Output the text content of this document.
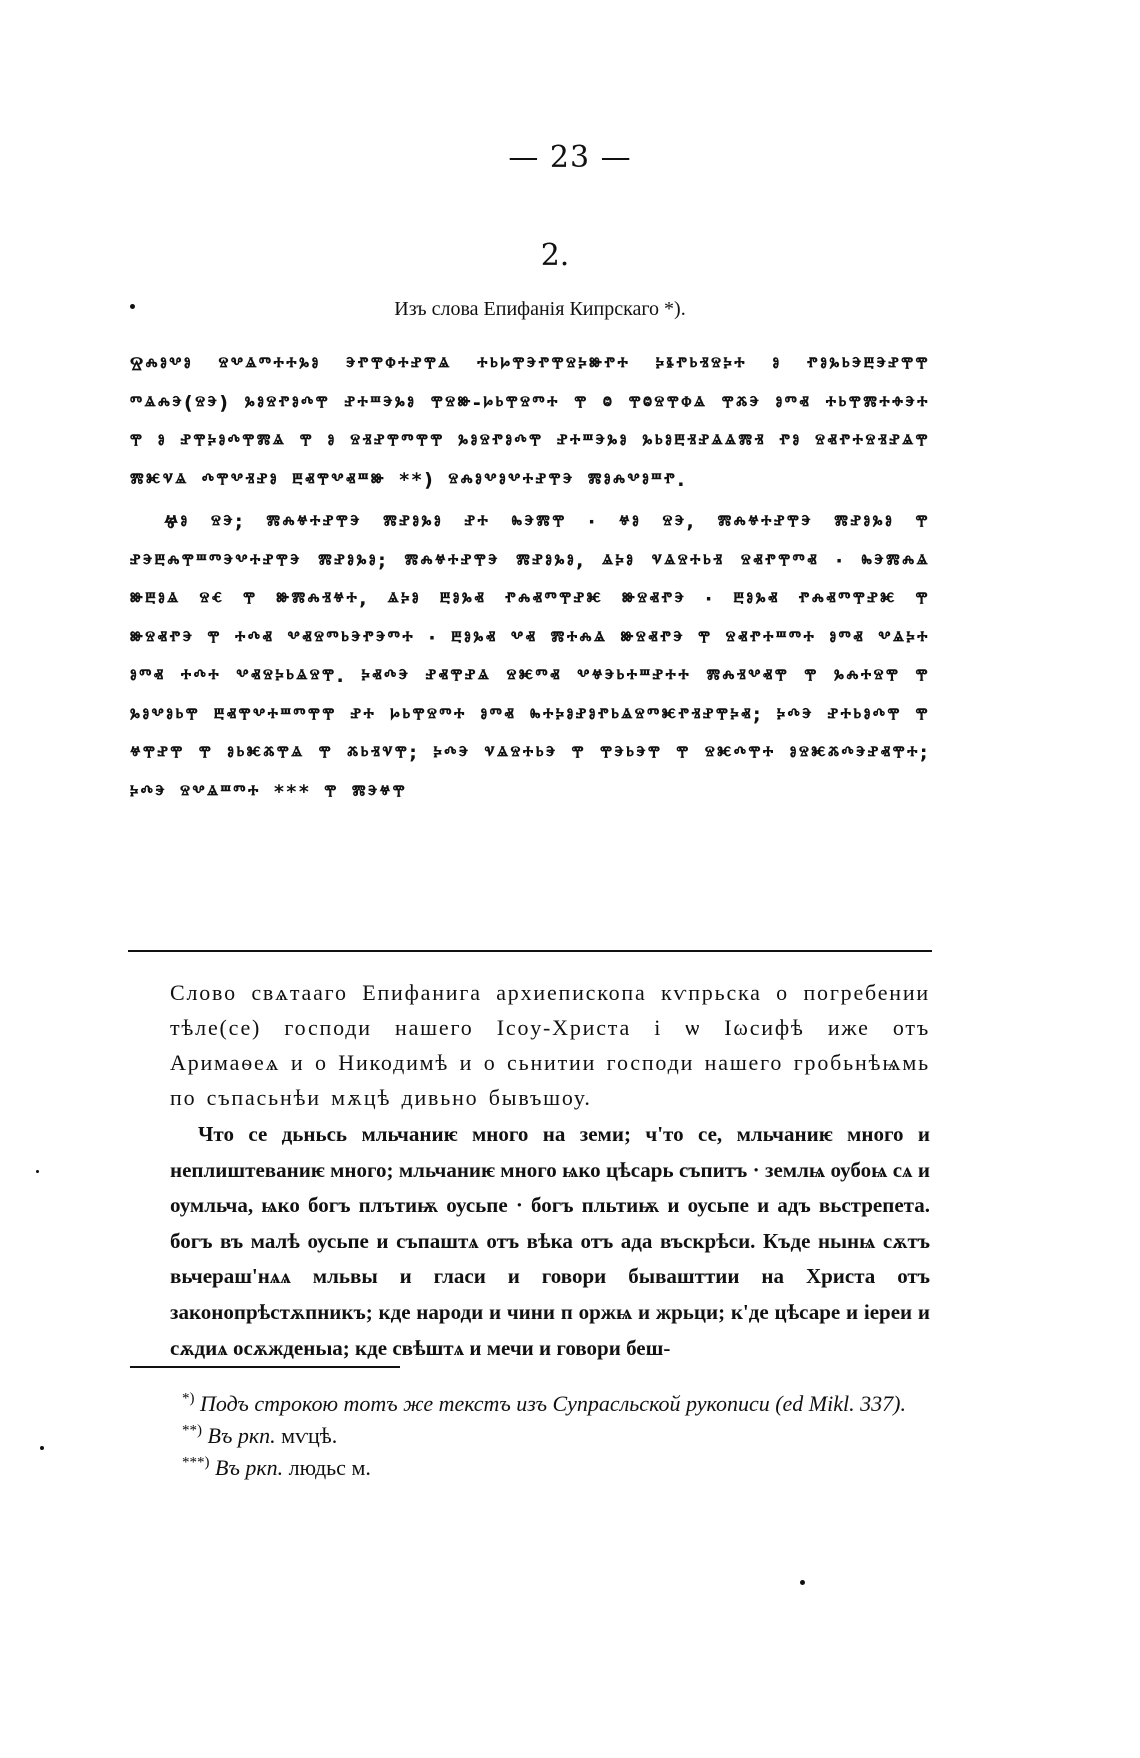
— 23 —
2.
Изъ слова Епифанія Кипрскаго *).

Ⱄⰾⱁⰲⱁ ⱄⰲⱑⱅⰰⰰⰳⱁ ⰵⱂⰹⱇⰰⱀⰹⱑ ⰰⱃⱈⰹⰵⱂⰹⱄⰽⱆⱂⰰ ⰽⱛⱂⱃⱐⱄⰽⰰ ⱁ ⱂⱁⰳⱃⰵⰱⰵⱀⰹⰹ ⱅⱑⰾⰵ(ⱄⰵ) ⰳⱁⱄⱂⱁⰴⰹ ⱀⰰⱎⰵⰳⱁ ⰹⱄⱆ-ⱈⱃⰹⱄⱅⰰ ⰹ ⱉ ⰹⱉⱄⰹⱇⱑ ⰹⰶⰵ ⱁⱅⱏ ⰰⱃⰹⰿⰰⱚⰵⰰ ⰹ ⱁ ⱀⰹⰽⱁⰴⰹⰿⱑ ⰹ ⱁ ⱄⱐⱀⰹⱅⰹⰹ ⰳⱁⱄⱂⱁⰴⰹ ⱀⰰⱎⰵⰳⱁ ⰳⱃⱁⰱⱐⱀⱑⱑⰿⱐ ⱂⱁ ⱄⱏⱂⰰⱄⱐⱀⱑⰹ ⰿⱘⱌⱑ ⰴⰹⰲⱐⱀⱁ ⰱⱏⰹⰲⱏⱎⱆ **) ⱄⰾⱁⰲⱁⰲⰰⱀⰹⰵ ⰿⱁⰾⰲⱁⱎⱂ.

Ⱍⱁ ⱄⰵ; ⰿⰾⱍⰰⱀⰹⰵ ⰿⱀⱁⰳⱁ ⱀⰰ ⰸⰵⰿⰹ · ⱍⱁ ⱄⰵ, ⰿⰾⱍⰰⱀⰹⰵ ⰿⱀⱁⰳⱁ ⰹ ⱀⰵⰱⰾⰹⱎⱅⰵⰲⰰⱀⰹⰵ ⰿⱀⱁⰳⱁ; ⰿⰾⱍⰰⱀⰹⰵ ⰿⱀⱁⰳⱁ, ⱑⰽⱁ ⱌⱑⱄⰰⱃⱐ ⱄⱏⱂⰹⱅⱏ · ⰸⰵⰿⰾⱑ ⱆⰱⱁⱑ ⱄⱔ ⰹ ⱆⰿⰾⱐⱍⰰ, ⱑⰽⱁ ⰱⱁⰳⱏ ⱂⰾⱏⱅⰹⱀⱘ ⱆⱄⱏⱂⰵ · ⰱⱁⰳⱏ ⱂⰾⱏⱅⰹⱀⱘ ⰹ ⱆⱄⱏⱂⰵ ⰹ ⰰⰴⱏ ⰲⱏⱄⱅⱃⰵⱂⰵⱅⰰ · ⰱⱁⰳⱏ ⰲⱏ ⰿⰰⰾⱑ ⱆⱄⱏⱂⰵ ⰹ ⱄⱏⱂⰰⱎⱅⰰ ⱁⱅⱏ ⰲⱑⰽⰰ ⱁⱅⱏ ⰰⰴⰰ ⰲⱏⱄⰽⱃⱑⱄⰹ. ⰽⱏⰴⰵ ⱀⱏⰹⱀⱑ ⱄⱘⱅⱏ ⰲⱍⰵⱃⰰⱎⱀⰰⰰ ⰿⰾⱐⰲⱏⰹ ⰹ ⰳⰾⰰⱄⰹ ⰹ ⰳⱁⰲⱁⱃⰹ ⰱⱏⰹⰲⰰⱎⱅⰹⰹ ⱀⰰ ⱈⱃⰹⱄⱅⰰ ⱁⱅⱏ ⰸⰰⰽⱁⱀⱁⱂⱃⱑⱄⱅⱘⱂⱐⱀⰹⰽⱏ; ⰽⰴⰵ ⱀⰰⱃⱁⰴⰹ ⰹ ⱍⰹⱀⰹ ⰹ ⱁⱃⱘⰶⰹⱑ ⰹ ⰶⱃⱐⱌⰹ; ⰽⰴⰵ ⱌⱑⱄⰰⱃⰵ ⰹ ⰹⰵⱃⰵⰹ ⰹ ⱄⱘⰴⰹⰰ ⱁⱄⱘⰶⰴⰵⱀⱏⰹⰰ; ⰽⰴⰵ ⱄⰲⱑⱎⱅⰰ *** ⰹ ⰿⰵⱍⰹ

Слово свѧтааго Епифанига архиепископа кѵпрьска о погребении тѣле(се) господи нашего Іcoy-Христа і ѡ Іωсифѣ иже отъ Аримаѳеѧ и о Никодимѣ и о сьнитии господи нашего гробьнѣѩмь по съпасьнѣи мѫцѣ дивьно бывъшоу.

Что се дьньсь мльчаниѥ много на земи; ч'то се, мльчаниѥ много и неплиштеваниѥ много; мльчаниѥ много ѩко цѣсарь съпитъ · землѩ оубоѩ сѧ и оумльча, ѩко богъ плътиѭ оусьпе · богъ пльтиѭ и оусьпе и адъ вьстрепета. богъ въ малѣ оусьпе и съпаштѧ отъ вѣка отъ ада въскрѣси. Къде ньıнѩ сѫтъ вьчераш'нѧѧ мльвы и гласи и говори бывашттии на Христа отъ законопрѣстѫпникъ; кде народи и чини п оржѩ и жрьци; к'де цѣсаре и іереи и сѫдиѧ осѫжденьıа; кде свѣштѧ и мечи и говори беш-

*) Подъ строкою тотъ же текстъ изъ Супрасльской рукописи (ed Mikl. 337).

**) Въ ркп. мѵцѣ.

***) Въ ркп. людьс м.
